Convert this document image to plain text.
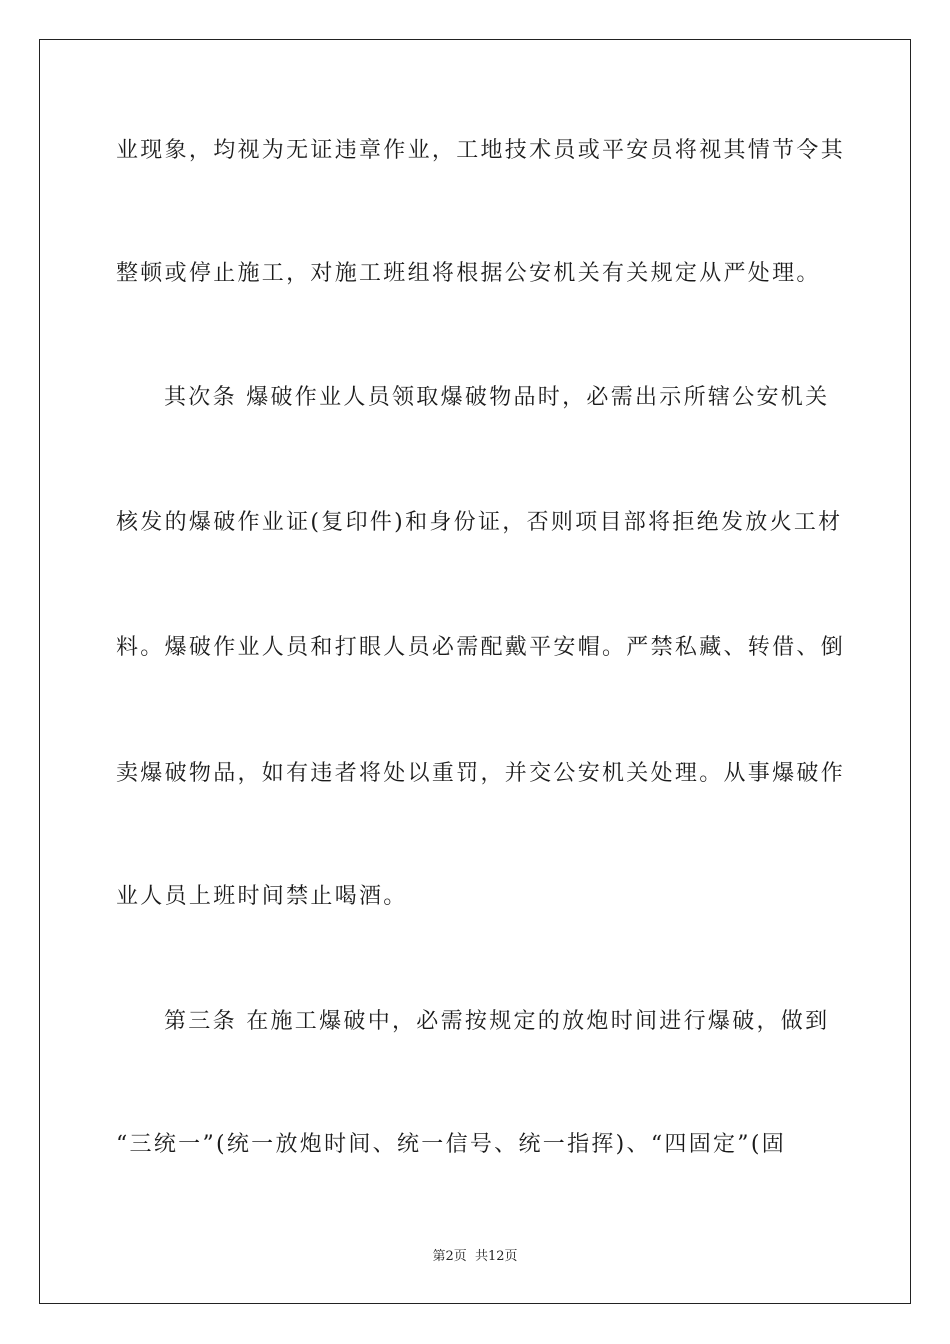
业现象，均视为无证违章作业，工地技术员或平安员将视其情节令其
整顿或停止施工，对施工班组将根据公安机关有关规定从严处理。
其次条 爆破作业人员领取爆破物品时，必需出示所辖公安机关
核发的爆破作业证(复印件)和身份证，否则项目部将拒绝发放火工材
料。爆破作业人员和打眼人员必需配戴平安帽。严禁私藏、转借、倒
卖爆破物品，如有违者将处以重罚，并交公安机关处理。从事爆破作
业人员上班时间禁止喝酒。
第三条 在施工爆破中，必需按规定的放炮时间进行爆破，做到
“三统一”(统一放炮时间、统一信号、统一指挥)、“四固定”(固
第2页 共12页
